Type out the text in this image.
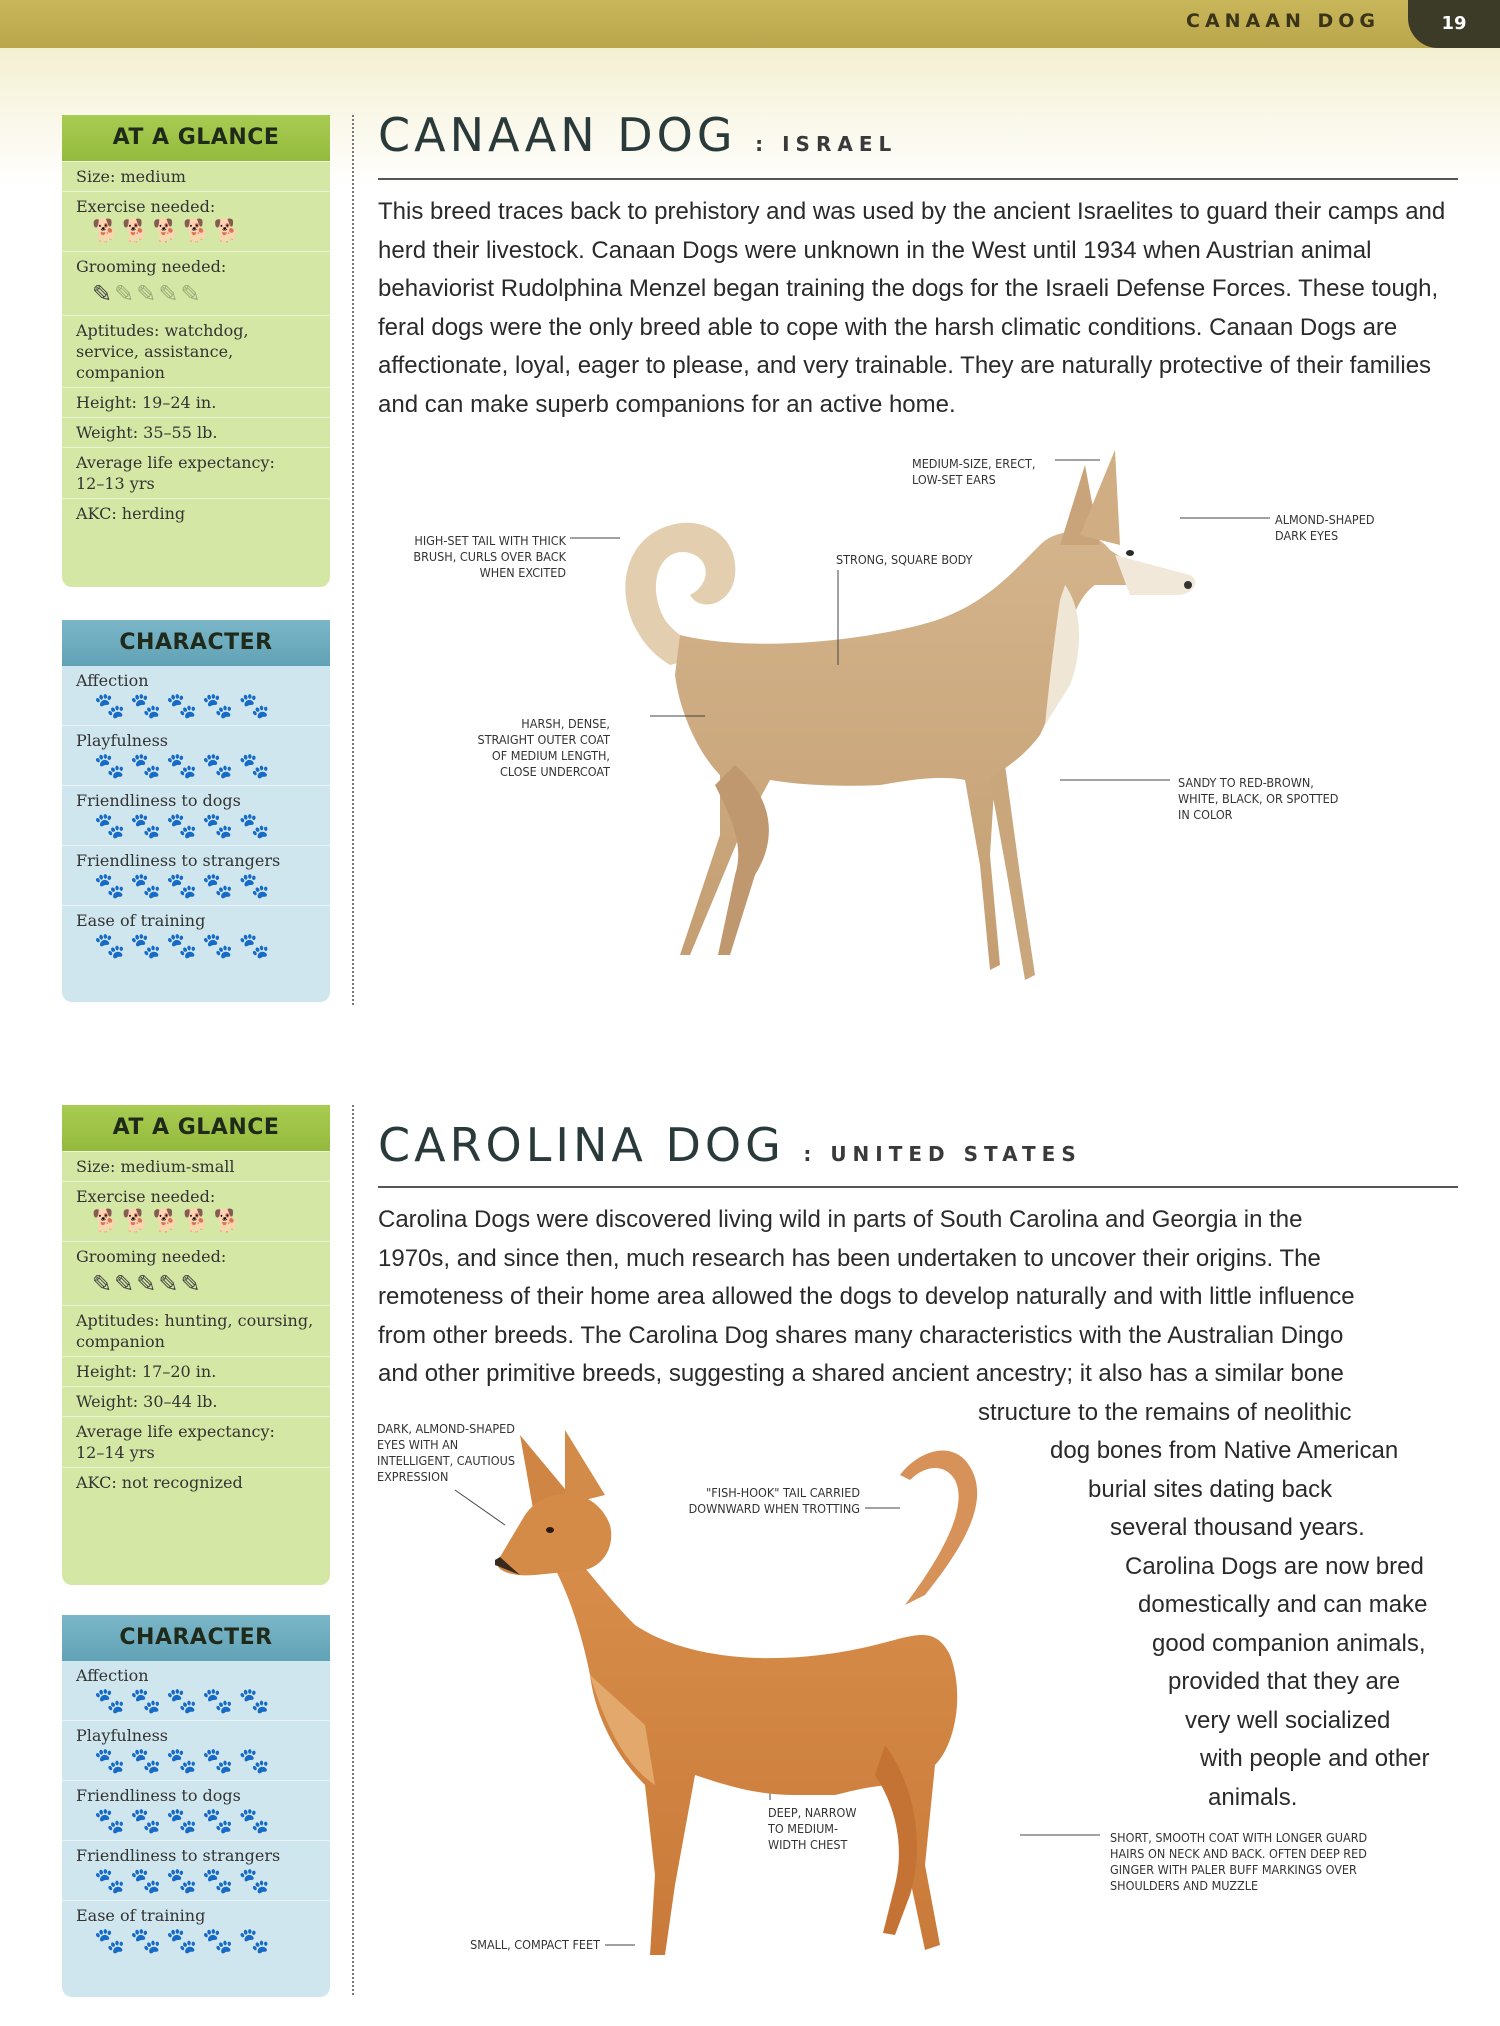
CANAAN DOG	19
AT A GLANCE
Size: medium
Exercise needed:
🐕🐕🐕🐕🐕
Grooming needed:
✎✎✎✎✎
Aptitudes: watchdog, service, assistance, companion
Height: 19–24 in.
Weight: 35–55 lb.
Average life expectancy:
12–13 yrs
AKC: herding
CHARACTER
Affection
🐾🐾🐾🐾🐾
Playfulness
🐾🐾🐾🐾🐾
Friendliness to dogs
🐾🐾🐾🐾🐾
Friendliness to strangers
🐾🐾🐾🐾🐾
Ease of training
🐾🐾🐾🐾🐾
CANAAN DOG : ISRAEL
This breed traces back to prehistory and was used by the ancient Israelites to guard their camps and herd their livestock. Canaan Dogs were unknown in the West until 1934 when Austrian animal behaviorist Rudolphina Menzel began training the dogs for the Israeli Defense Forces. These tough, feral dogs were the only breed able to cope with the harsh climatic conditions. Canaan Dogs are affectionate, loyal, eager to please, and very trainable. They are naturally protective of their families and can make superb companions for an active home.
MEDIUM-SIZE, ERECT, LOW-SET EARS
ALMOND-SHAPED DARK EYES
HIGH-SET TAIL WITH THICK BRUSH, CURLS OVER BACK WHEN EXCITED
STRONG, SQUARE BODY
HARSH, DENSE, STRAIGHT OUTER COAT OF MEDIUM LENGTH, CLOSE UNDERCOAT
SANDY TO RED-BROWN, WHITE, BLACK, OR SPOTTED IN COLOR
AT A GLANCE
Size: medium-small
Exercise needed:
🐕🐕🐕🐕🐕
Grooming needed:
✎✎✎✎✎
Aptitudes: hunting, coursing, companion
Height: 17–20 in.
Weight: 30–44 lb.
Average life expectancy:
12–14 yrs
AKC: not recognized
CHARACTER
Affection
🐾🐾🐾🐾🐾
Playfulness
🐾🐾🐾🐾🐾
Friendliness to dogs
🐾🐾🐾🐾🐾
Friendliness to strangers
🐾🐾🐾🐾🐾
Ease of training
🐾🐾🐾🐾🐾
CAROLINA DOG : UNITED STATES
Carolina Dogs were discovered living wild in parts of South Carolina and Georgia in the
1970s, and since then, much research has been undertaken to uncover their origins. The
remoteness of their home area allowed the dogs to develop naturally and with little influence
from other breeds. The Carolina Dog shares many characteristics with the Australian Dingo
and other primitive breeds, suggesting a shared ancient ancestry; it also has a similar bone
structure to the remains of neolithic
dog bones from Native American
burial sites dating back
several thousand years.
Carolina Dogs are now bred
domestically and can make
good companion animals,
provided that they are
very well socialized
with people and other
animals.
DARK, ALMOND-SHAPED EYES WITH AN INTELLIGENT, CAUTIOUS EXPRESSION
"FISH-HOOK" TAIL CARRIED DOWNWARD WHEN TROTTING
DEEP, NARROW TO MEDIUM-WIDTH CHEST	SHORT, SMOOTH COAT WITH LONGER GUARD HAIRS ON NECK AND BACK. OFTEN DEEP RED GINGER WITH PALER BUFF MARKINGS OVER SHOULDERS AND MUZZLE
SMALL, COMPACT FEET
